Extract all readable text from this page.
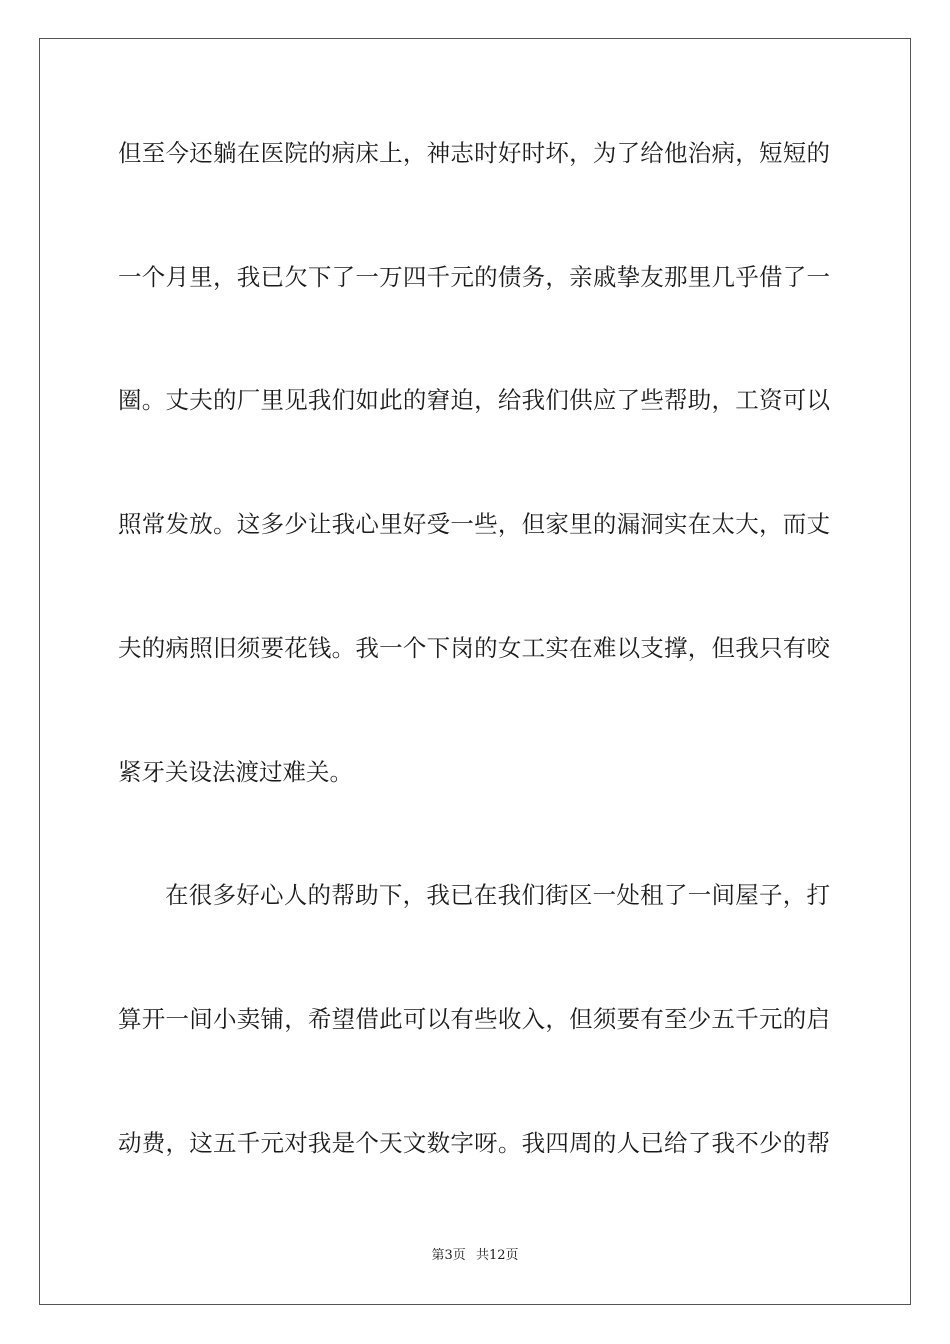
但至今还躺在医院的病床上，神志时好时坏，为了给他治病，短短的
一个月里，我已欠下了一万四千元的债务，亲戚挚友那里几乎借了一
圈。丈夫的厂里见我们如此的窘迫，给我们供应了些帮助，工资可以
照常发放。这多少让我心里好受一些，但家里的漏洞实在太大，而丈
夫的病照旧须要花钱。我一个下岗的女工实在难以支撑，但我只有咬
紧牙关设法渡过难关。
在很多好心人的帮助下，我已在我们街区一处租了一间屋子，打
算开一间小卖铺，希望借此可以有些收入，但须要有至少五千元的启
动费，这五千元对我是个天文数字呀。我四周的人已给了我不少的帮
第3页 共12页
